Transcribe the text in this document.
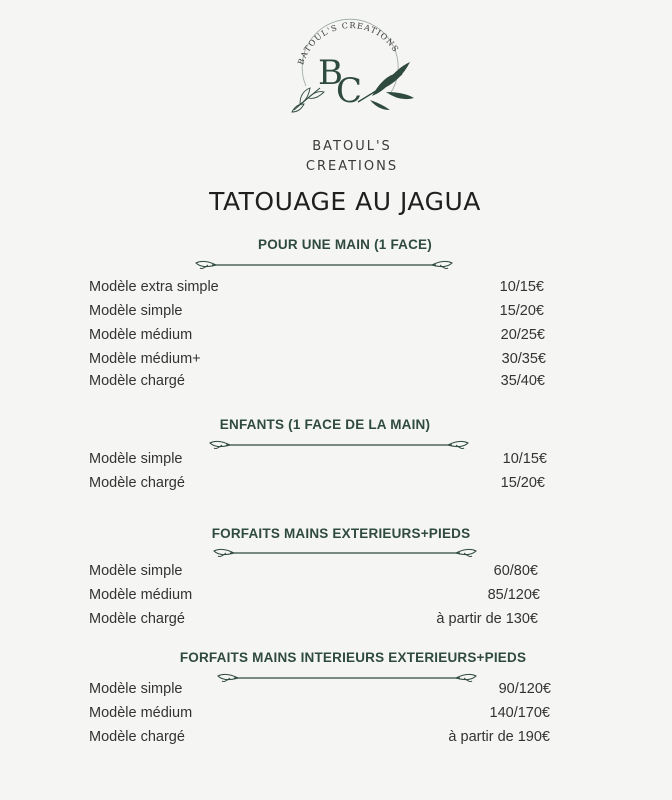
BATOUL'S CREATIONS
B
C
BATOUL'S
CREATIONS
TATOUAGE AU JAGUA
POUR UNE MAIN (1 FACE)
Modèle extra simple	10/15€
Modèle simple	15/20€
Modèle médium	20/25€
Modèle médium+	30/35€
Modèle chargé	35/40€
ENFANTS (1 FACE DE LA MAIN)
Modèle simple	10/15€
Modèle chargé	15/20€
FORFAITS MAINS EXTERIEURS+PIEDS
Modèle simple	60/80€
Modèle médium	85/120€
Modèle chargé	à partir de 130€
FORFAITS MAINS INTERIEURS EXTERIEURS+PIEDS
Modèle simple	90/120€
Modèle médium	140/170€
Modèle chargé	à partir de 190€
